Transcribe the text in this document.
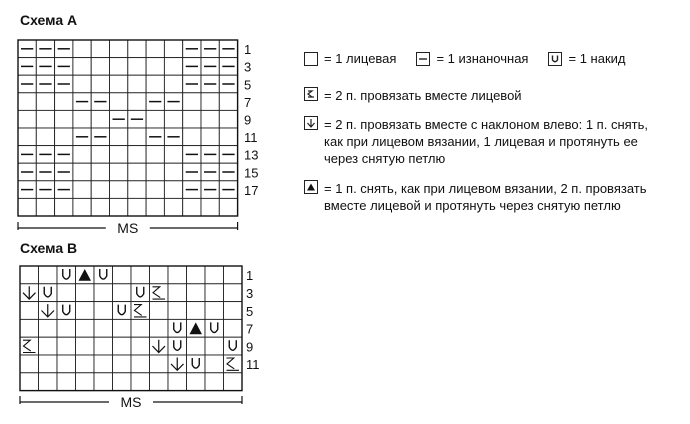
Схема A
Схема B
17
15
13
11
9
7
5
3
1
MS
11
9
7
5
3
1
MS
= 1 лицевая	= 1 изнаночная	= 1 накид
= 2 п. провязать вместе лицевой
= 2 п. провязать вместе с наклоном влево: 1 п. снять, как при лицевом вязании, 1 лицевая и протянуть ее через снятую петлю
= 1 п. снять, как при лицевом вязании, 2 п. провязать вместе лицевой и протянуть через снятую петлю
